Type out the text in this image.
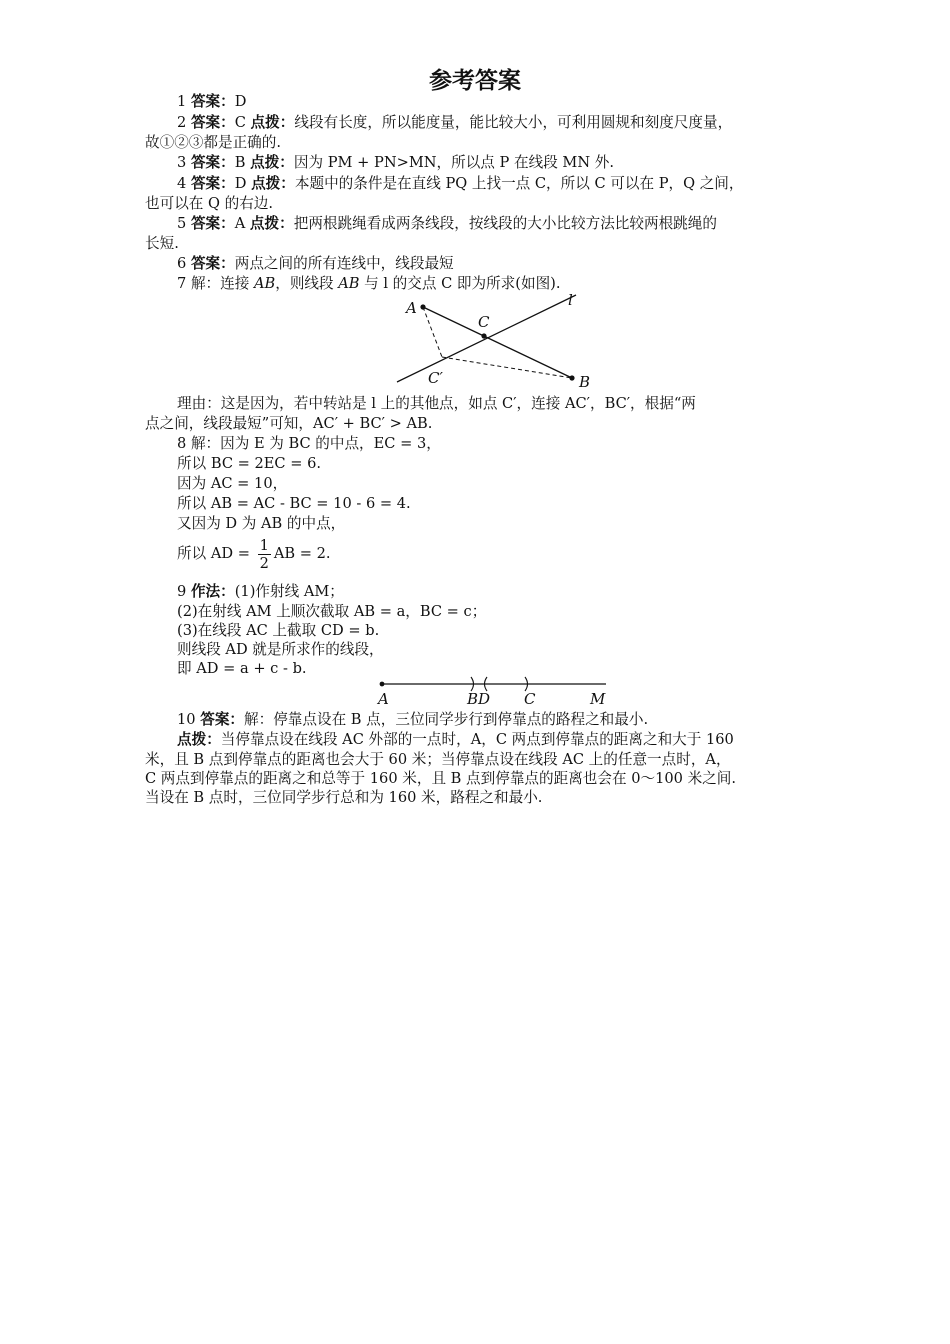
参考答案
1 答案：D
2 答案：C 点拨：线段有长度，所以能度量，能比较大小，可利用圆规和刻度尺度量，
故①②③都是正确的.
3 答案：B 点拨：因为 PM + PN>MN，所以点 P 在线段 MN 外.
4 答案：D 点拨：本题中的条件是在直线 PQ 上找一点 C，所以 C 可以在 P，Q 之间，
也可以在 Q 的右边.
5 答案：A 点拨：把两根跳绳看成两条线段，按线段的大小比较方法比较两根跳绳的
长短.
6 答案：两点之间的所有连线中，线段最短
7 解：连接 AB，则线段 AB 与 l 的交点 C 即为所求(如图).
A
C
l
C′	B
理由：这是因为，若中转站是 l 上的其他点，如点 C′，连接 AC′，BC′，根据“两
点之间，线段最短”可知，AC′ + BC′ > AB.
8 解：因为 E 为 BC 的中点，EC = 3，
所以 BC = 2EC = 6.
因为 AC = 10，
所以 AB = AC - BC = 10 - 6 = 4.
又因为 D 为 AB 的中点，
所以 AD = $\frac{1}{2}$ AB = 2.
9 作法：(1)作射线 AM；
(2)在射线 AM 上顺次截取 AB = a，BC = c；
(3)在线段 AC 上截取 CD = b.
则线段 AD 就是所求作的线段，
即 AD = a + c - b.
A	BD C	M
10 答案：解：停靠点设在 B 点，三位同学步行到停靠点的路程之和最小.
点拨：当停靠点设在线段 AC 外部的一点时，A，C 两点到停靠点的距离之和大于 160
米，且 B 点到停靠点的距离也会大于 60 米；当停靠点设在线段 AC 上的任意一点时，A，
C 两点到停靠点的距离之和总等于 160 米，且 B 点到停靠点的距离也会在 0～100 米之间.
当设在 B 点时，三位同学步行总和为 160 米，路程之和最小.
